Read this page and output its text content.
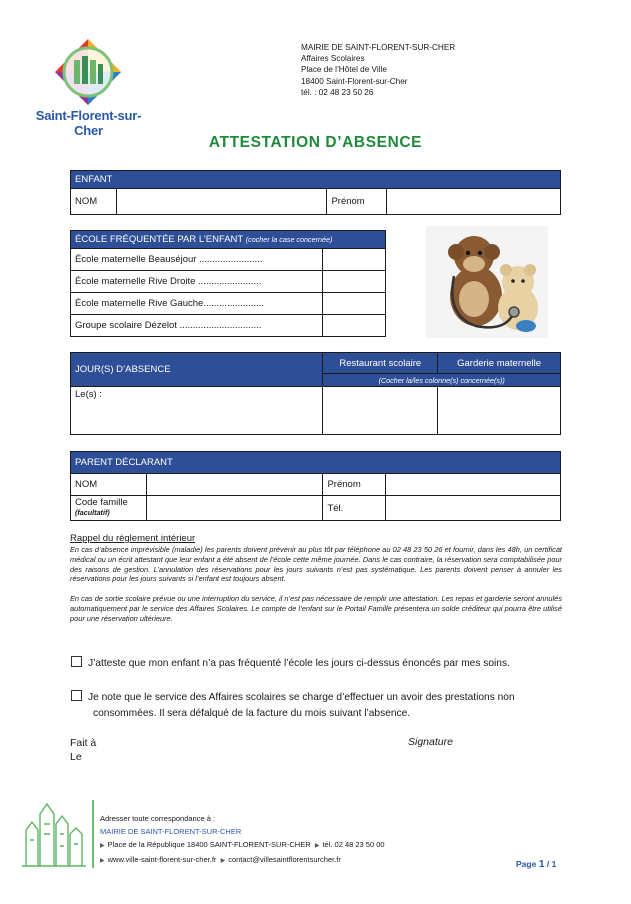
Saint-Florent-sur-Cher
MAIRIE DE SAINT-FLORENT-SUR-CHER
Affaires Scolaires
Place de l’Hôtel de Ville
18400 Saint-Florent-sur-Cher
tél. : 02 48 23 50 26
ATTESTATION D’ABSENCE
ENFANT
NOM		Prénom	
ÉCOLE FRÉQUENTÉE PAR L’ENFANT (cocher la case concernée)	
École maternelle Beauséjour ........................	
École maternelle Rive Droite ........................	
École maternelle Rive Gauche.......................	
Groupe scolaire Dézelot ...............................	
JOUR(S) D’ABSENCE	Restaurant scolaire	Garderie maternelle
	(Cocher la/les colonne(s) concernée(s))	
Le(s) :		
PARENT DÉCLARANT			
NOM		Prénom	

Code famille
(facultatif)		Tél.	
Rappel du règlement intérieur

En cas d’absence imprévisible (maladie) les parents doivent prévenir au plus tôt par téléphone au 02 48 23 50 26 et fournir, dans les 48h, un certificat médical ou un écrit attestant que leur enfant a été absent de l’école cette même journée. Dans le cas contraire, la réservation sera comptabilisée pour des raisons de gestion. L’annulation des réservations pour les jours suivants n’est pas systématique. Les parents doivent penser à annuler les réservations pour les jours suivants si l’enfant est toujours absent.

En cas de sortie scolaire prévue ou une interruption du service, il n’est pas nécessaire de remplir une attestation. Les repas et garderie seront annulés automatiquement par le service des Affaires Scolaires. Le compte de l’enfant sur le Portail Famille présentera un solde créditeur qui pourra être utilisé pour une réservation ultérieure.

J’atteste que mon enfant n’a pas fréquenté l’école les jours ci-dessus énoncés par mes soins.
Je note que le service des Affaires scolaires se charge d’effectuer un avoir des prestations non
consommées. Il sera défalqué de la facture du mois suivant l’absence.
Fait à
Le
Signature
Adresser toute correspondance à :
MAIRIE DE SAINT-FLORENT-SUR-CHER
▶ Place de la République 18400 SAINT-FLORENT-SUR-CHER ▶ tél. 02 48 23 50 00
▶ www.ville-saint-florent-sur-cher.fr ▶ contact@villesaintflorentsurcher.fr	Page 1 / 1
